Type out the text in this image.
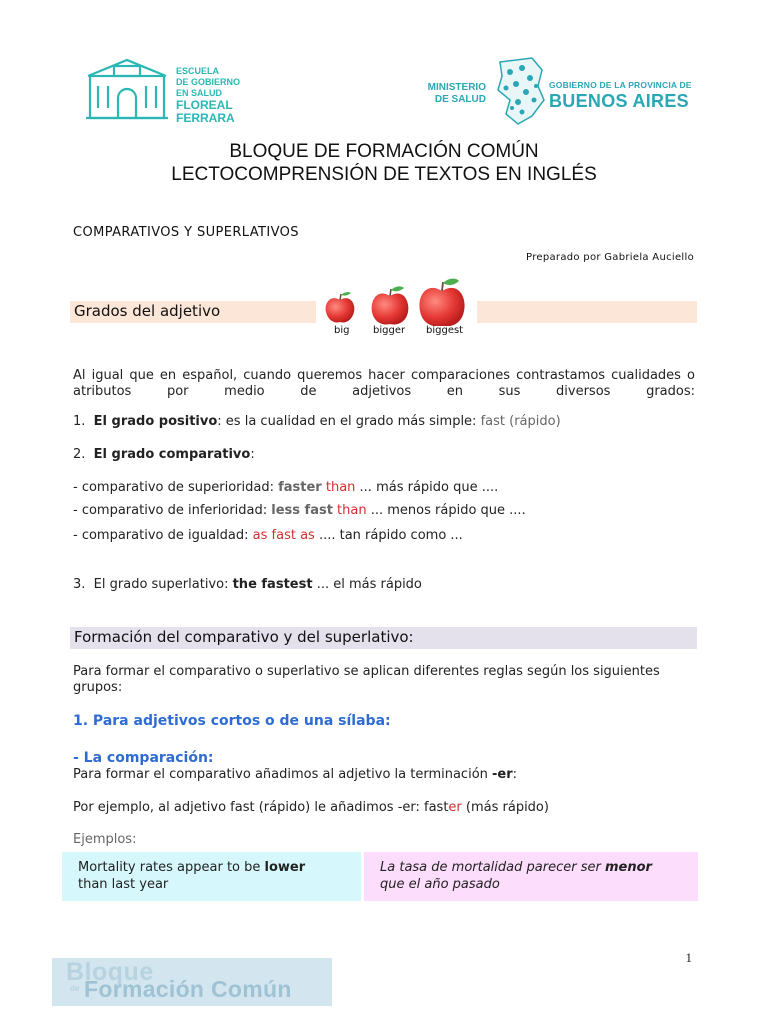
ESCUELA
DE GOBIERNO
EN SALUD
FLOREAL
FERRARA
MINISTERIO
DE SALUD
GOBIERNO DE LA PROVINCIA DE
BUENOS AIRES
BLOQUE DE FORMACIÓN COMÚN
LECTOCOMPRENSIÓN DE TEXTOS EN INGLÉS
COMPARATIVOS Y SUPERLATIVOS
Preparado por Gabriela Auciello
Grados del adjetivo
big bigger biggest
Al igual que en español, cuando queremos hacer comparaciones contrastamos cualidades o atributos por medio de adjetivos en sus diversos grados:
1. El grado positivo: es la cualidad en el grado más simple: fast (rápido)
2. El grado comparativo:
- comparativo de superioridad: faster than ... más rápido que ....
- comparativo de inferioridad: less fast than ... menos rápido que ....
- comparativo de igualdad: as fast as .... tan rápido como ...
3. El grado superlativo: the fastest ... el más rápido
Formación del comparativo y del superlativo:
Para formar el comparativo o superlativo se aplican diferentes reglas según los siguientes grupos:
1. Para adjetivos cortos o de una sílaba:
- La comparación:
Para formar el comparativo añadimos al adjetivo la terminación -er:
Por ejemplo, al adjetivo fast (rápido) le añadimos -er: faster (más rápido)
Ejemplos:
Mortality rates appear to be lower
than last year
La tasa de mortalidad parecer ser menor
que el año pasado
1
Bloque
de Formación Común
